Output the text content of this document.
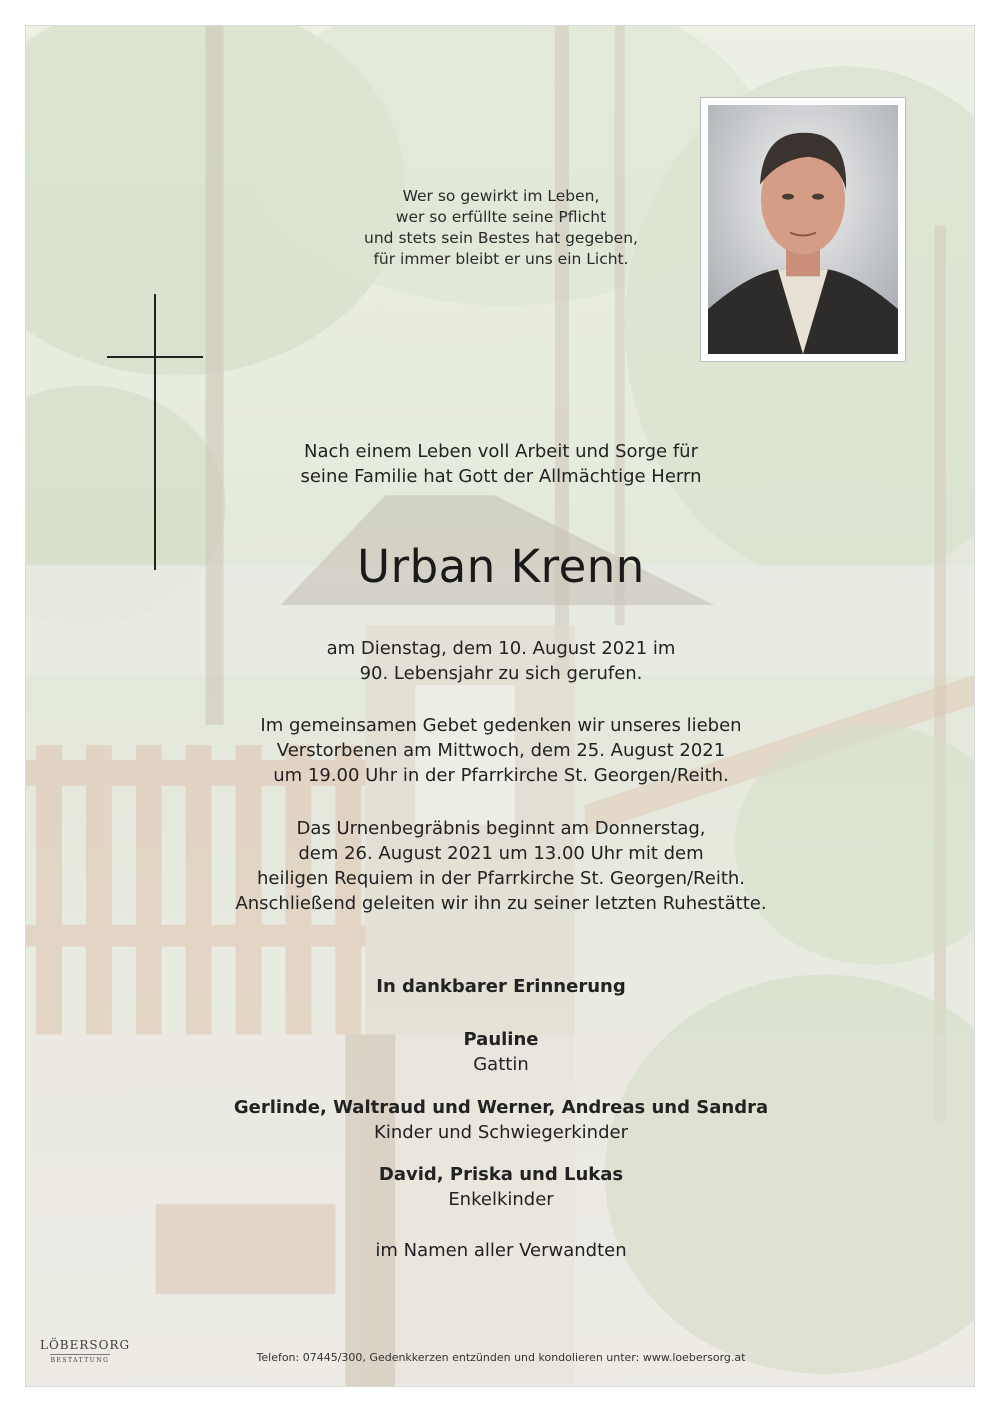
Wer so gewirkt im Leben,
wer so erfüllte seine Pflicht
und stets sein Bestes hat gegeben,
für immer bleibt er uns ein Licht.
Nach einem Leben voll Arbeit und Sorge für
seine Familie hat Gott der Allmächtige Herrn
Urban Krenn
am Dienstag, dem 10. August 2021 im
90. Lebensjahr zu sich gerufen.
Im gemeinsamen Gebet gedenken wir unseres lieben
Verstorbenen am Mittwoch, dem 25. August 2021
um 19.00 Uhr in der Pfarrkirche St. Georgen/Reith.
Das Urnenbegräbnis beginnt am Donnerstag,
dem 26. August 2021 um 13.00 Uhr mit dem
heiligen Requiem in der Pfarrkirche St. Georgen/Reith.
Anschließend geleiten wir ihn zu seiner letzten Ruhestätte.
In dankbarer Erinnerung
Pauline
Gattin
Gerlinde, Waltraud und Werner, Andreas und Sandra
Kinder und Schwiegerkinder
David, Priska und Lukas
Enkelkinder
im Namen aller Verwandten
LÖBERSORG
BESTATTUNG	Telefon: 07445/300, Gedenkkerzen entzünden und kondolieren unter: www.loebersorg.at
